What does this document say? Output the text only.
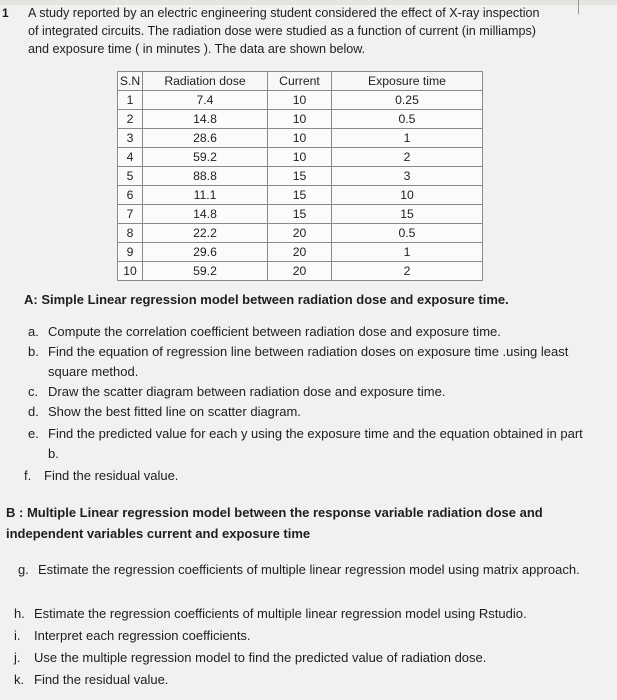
1 A study reported by an electric engineering student considered the effect of X-ray inspection
of integrated circuits. The radiation dose were studied as a function of current (in milliamps)
and exposure time ( in minutes ). The data are shown below.
S.N	Radiation dose	Current	Exposure time
1	7.4	10	0.25
2	14.8	10	0.5
3	28.6	10	1
4	59.2	10	2
5	88.8	15	3
6	11.1	15	10
7	14.8	15	15
8	22.2	20	0.5
9	29.6	20	1
10	59.2	20	2
A: Simple Linear regression model between radiation dose and exposure time.
a. Compute the correlation coefficient between radiation dose and exposure time.
b. Find the equation of regression line between radiation doses on exposure time .using least square method.
c. Draw the scatter diagram between radiation dose and exposure time.
d. Show the best fitted line on scatter diagram.
e. Find the predicted value for each y using the exposure time and the equation obtained in part b.
f. Find the residual value.
B : Multiple Linear regression model between the response variable radiation dose and independent variables current and exposure time
g. Estimate the regression coefficients of multiple linear regression model using matrix approach.
h. Estimate the regression coefficients of multiple linear regression model using Rstudio.
i.	Interpret each regression coefficients.
j.	Use the multiple regression model to find the predicted value of radiation dose.
k. Find the residual value.
